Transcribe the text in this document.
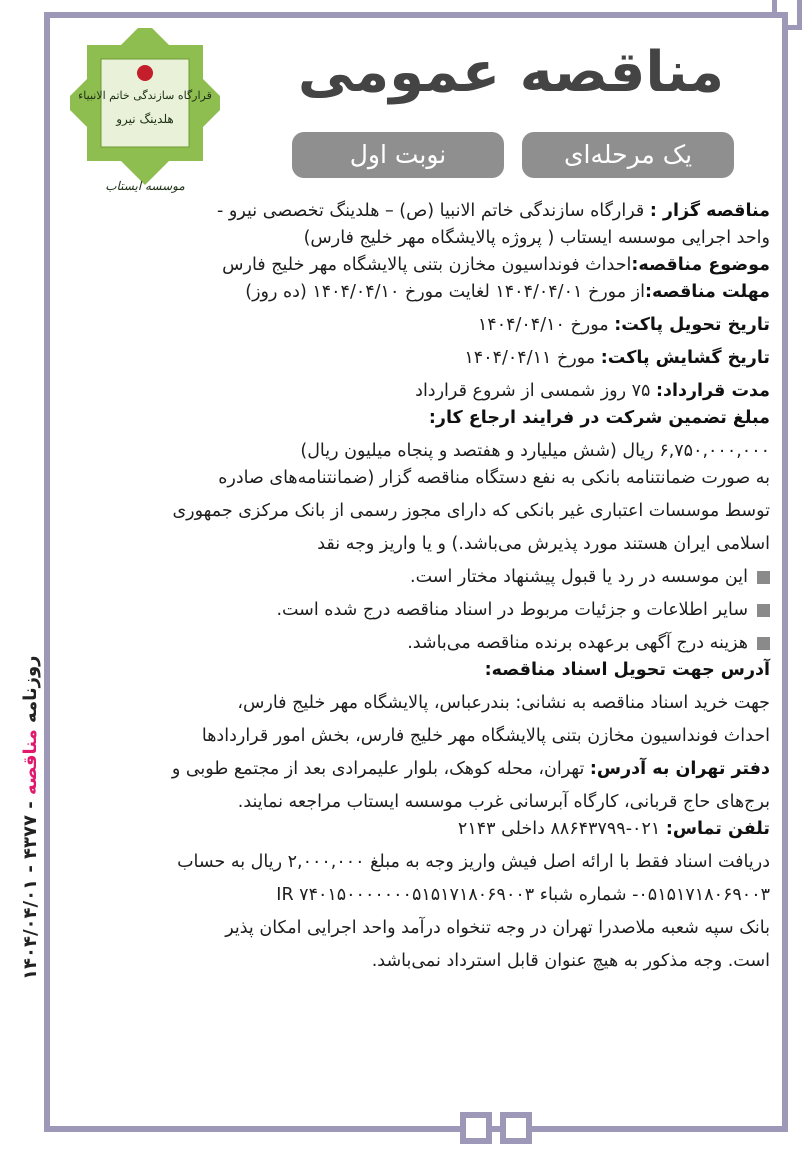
قرارگاه سازندگی خاتم الانبیاء
هلدینگ نیرو
موسسه ایستاب
مناقصه عمومی
یک مرحله‌ای
نوبت اول
مناقصه گزار : قرارگاه سازندگی خاتم الانبیا (ص) – هلدینگ تخصصی نیرو -
واحد اجرایی موسسه ایستاب ( پروژه پالایشگاه مهر خلیج فارس)
موضوع مناقصه:احداث فونداسیون مخازن بتنی پالایشگاه مهر خلیج فارس
مهلت مناقصه:از مورخ ۱۴۰۴/۰۴/۰۱ لغایت مورخ ۱۴۰۴/۰۴/۱۰ (ده روز)
تاریخ تحویل پاکت: مورخ ۱۴۰۴/۰۴/۱۰
تاریخ گشایش پاکت: مورخ ۱۴۰۴/۰۴/۱۱
مدت قرارداد: ۷۵ روز شمسی از شروع قرارداد
مبلغ تضمین شرکت در فرایند ارجاع کار:
۶,۷۵۰,۰۰۰,۰۰۰ ریال (شش میلیارد و هفتصد و پنجاه میلیون ریال)
به صورت ضمانتنامه بانکی به نفع دستگاه مناقصه گزار (ضمانتنامه‌های صادره
توسط موسسات اعتباری غیر بانکی که دارای مجوز رسمی از بانک مرکزی جمهوری
اسلامی ایران هستند مورد پذیرش می‌باشد.) و یا واریز وجه نقد
این موسسه در رد یا قبول پیشنهاد مختار است.
سایر اطلاعات و جزئیات مربوط در اسناد مناقصه درج شده است.
هزینه درج آگهی برعهده برنده مناقصه می‌باشد.
آدرس جهت تحویل اسناد مناقصه:
جهت خرید اسناد مناقصه به نشانی: بندرعباس، پالایشگاه مهر خلیج فارس،
احداث فونداسیون مخازن بتنی پالایشگاه مهر خلیج فارس، بخش امور قراردادها
دفتر تهران به آدرس: تهران، محله کوهک، بلوار علیمرادی بعد از مجتمع طوبی و
برج‌های حاج قربانی، کارگاه آبرسانی غرب موسسه ایستاب مراجعه نمایند.
تلفن تماس: ۰۲۱-۸۸۶۴۳۷۹۹ داخلی ۲۱۴۳
دریافت اسناد فقط با ارائه اصل فیش واریز وجه به مبلغ ۲,۰۰۰,۰۰۰ ریال به حساب
۰۵۱۵۱۷۱۸۰۶۹۰۰۳- شماره شباء IR ۷۴۰۱۵۰۰۰۰۰۰۰۵۱۵۱۷۱۸۰۶۹۰۰۳
بانک سپه شعبه ملاصدرا تهران در وجه تنخواه درآمد واحد اجرایی امکان پذیر
است. وجه مذکور به هیچ عنوان قابل استرداد نمی‌باشد.
روزنامه مناقصه - ۴۳۷۷ - ۱۴۰۴/۰۴/۰۱
